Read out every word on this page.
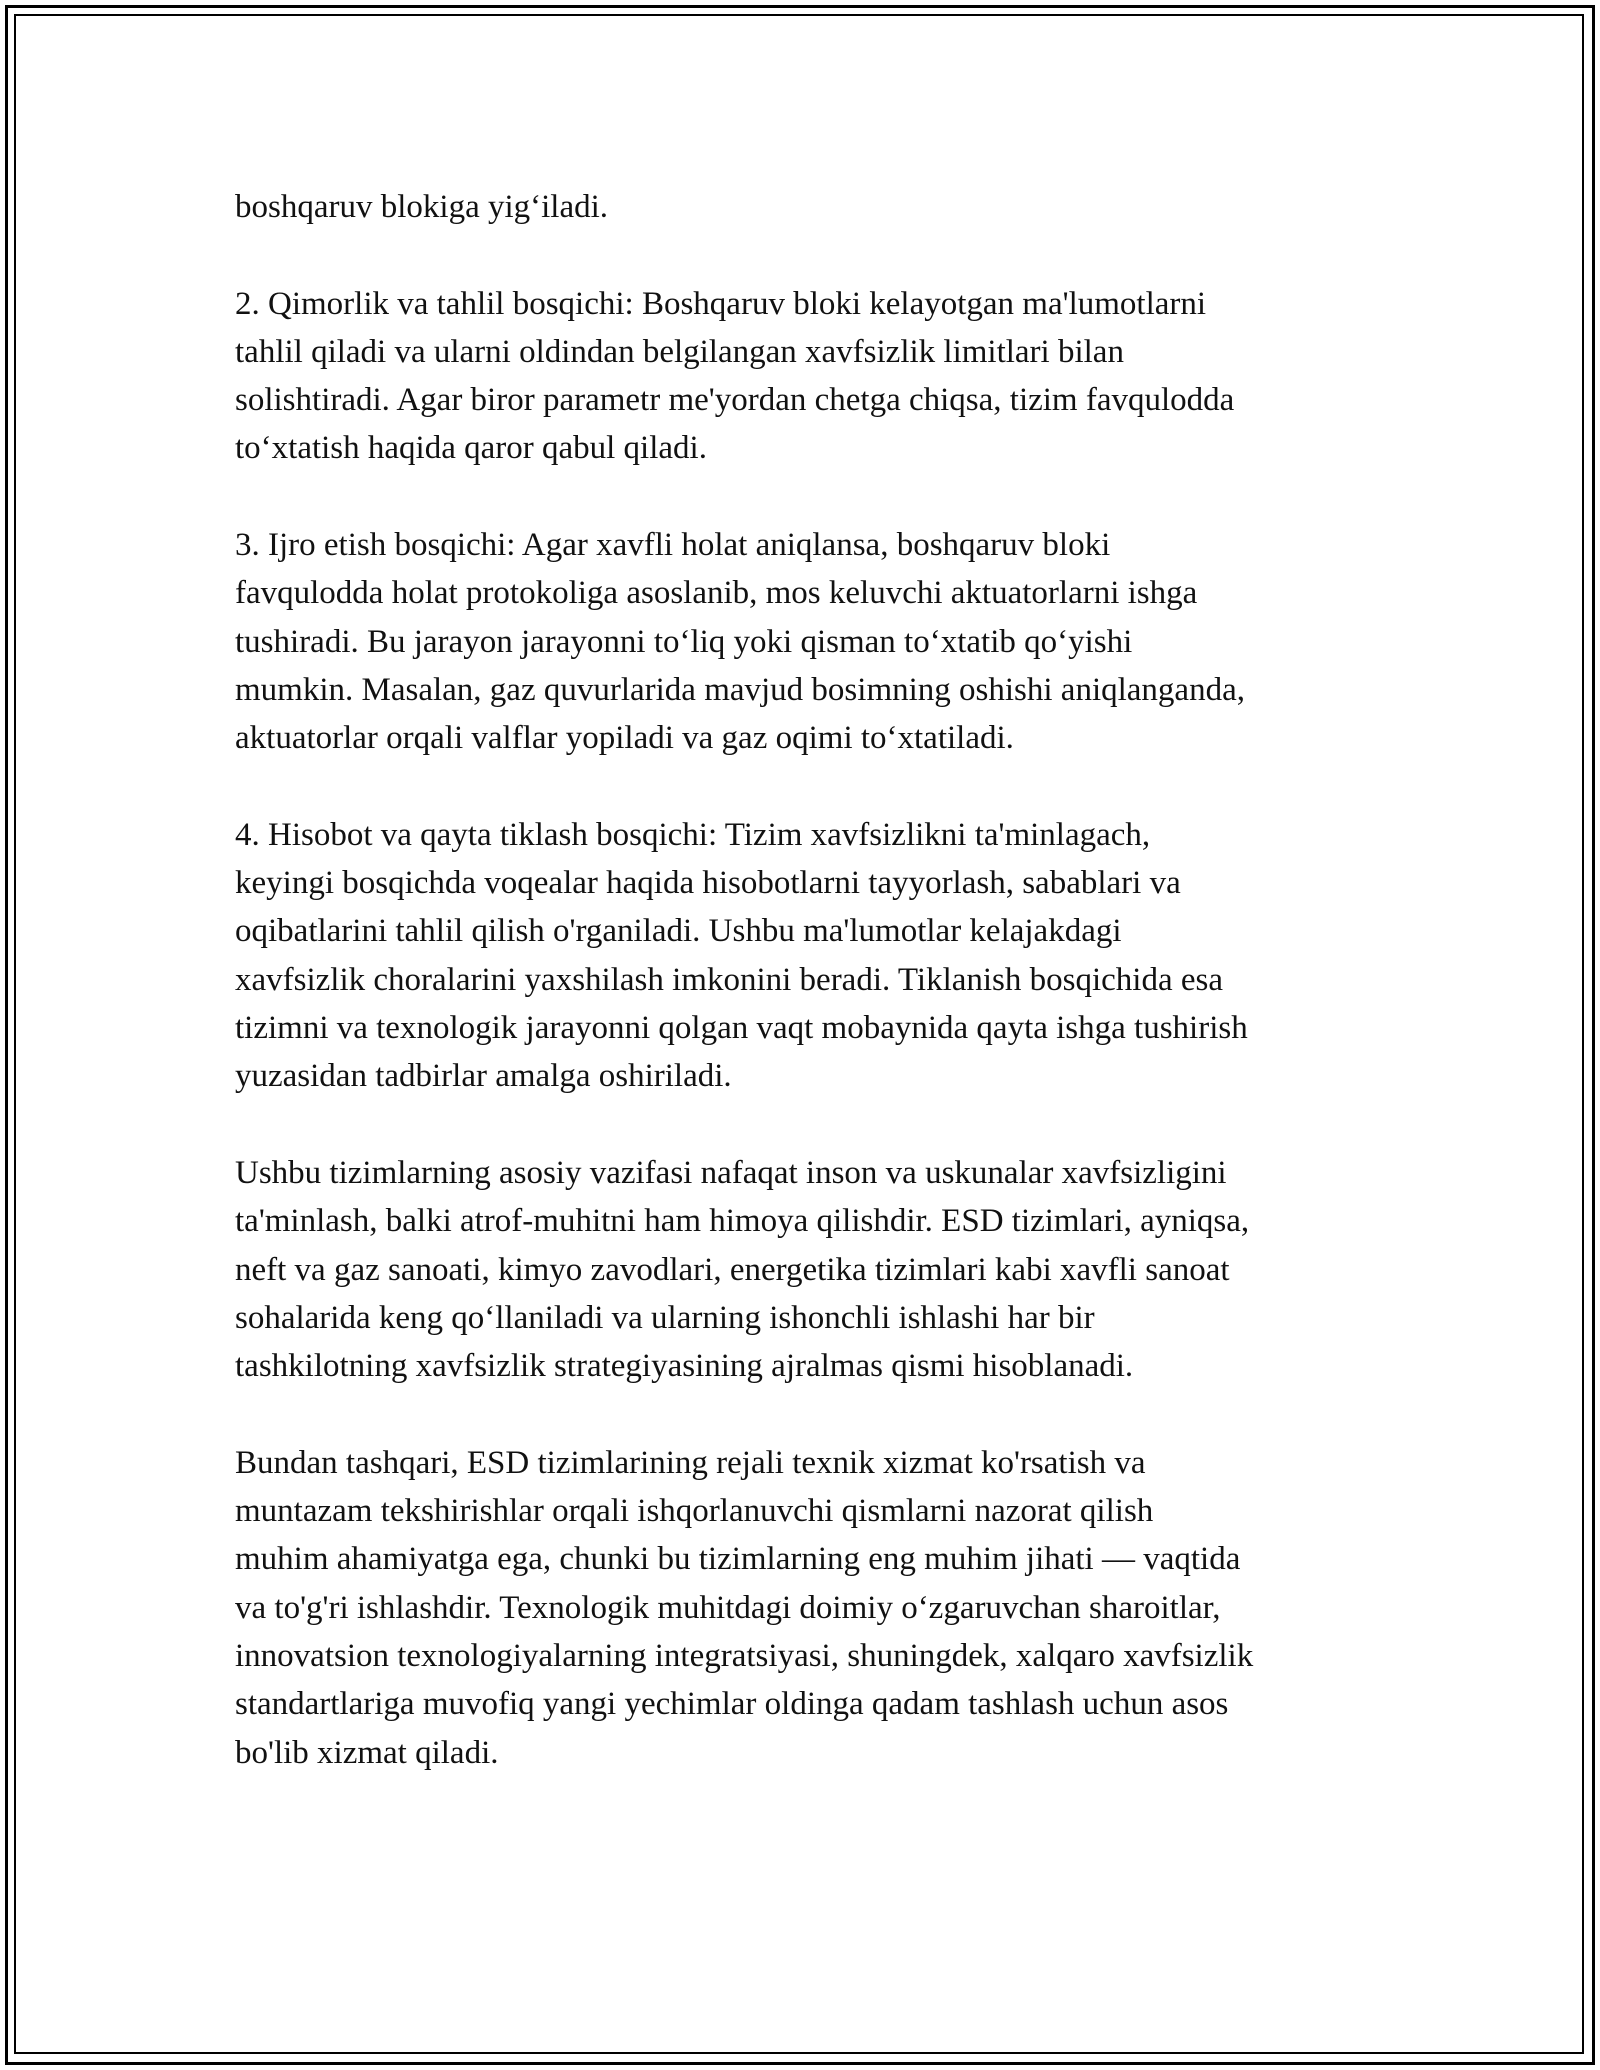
boshqaruv blokiga yig‘iladi.

2. Qimorlik va tahlil bosqichi: Boshqaruv bloki kelayotgan ma'lumotlarni
tahlil qiladi va ularni oldindan belgilangan xavfsizlik limitlari bilan
solishtiradi. Agar biror parametr me'yordan chetga chiqsa, tizim favqulodda
to‘xtatish haqida qaror qabul qiladi.

3. Ijro etish bosqichi: Agar xavfli holat aniqlansa, boshqaruv bloki
favqulodda holat protokoliga asoslanib, mos keluvchi aktuatorlarni ishga
tushiradi. Bu jarayon jarayonni to‘liq yoki qisman to‘xtatib qo‘yishi
mumkin. Masalan, gaz quvurlarida mavjud bosimning oshishi aniqlanganda,
aktuatorlar orqali valflar yopiladi va gaz oqimi to‘xtatiladi.

4. Hisobot va qayta tiklash bosqichi: Tizim xavfsizlikni ta'minlagach,
keyingi bosqichda voqealar haqida hisobotlarni tayyorlash, sabablari va
oqibatlarini tahlil qilish o'rganiladi. Ushbu ma'lumotlar kelajakdagi
xavfsizlik choralarini yaxshilash imkonini beradi. Tiklanish bosqichida esa
tizimni va texnologik jarayonni qolgan vaqt mobaynida qayta ishga tushirish
yuzasidan tadbirlar amalga oshiriladi.

Ushbu tizimlarning asosiy vazifasi nafaqat inson va uskunalar xavfsizligini
ta'minlash, balki atrof-muhitni ham himoya qilishdir. ESD tizimlari, ayniqsa,
neft va gaz sanoati, kimyo zavodlari, energetika tizimlari kabi xavfli sanoat
sohalarida keng qo‘llaniladi va ularning ishonchli ishlashi har bir
tashkilotning xavfsizlik strategiyasining ajralmas qismi hisoblanadi.

Bundan tashqari, ESD tizimlarining rejali texnik xizmat ko'rsatish va
muntazam tekshirishlar orqali ishqorlanuvchi qismlarni nazorat qilish
muhim ahamiyatga ega, chunki bu tizimlarning eng muhim jihati — vaqtida
va to'g'ri ishlashdir. Texnologik muhitdagi doimiy o‘zgaruvchan sharoitlar,
innovatsion texnologiyalarning integratsiyasi, shuningdek, xalqaro xavfsizlik
standartlariga muvofiq yangi yechimlar oldinga qadam tashlash uchun asos
bo'lib xizmat qiladi.
